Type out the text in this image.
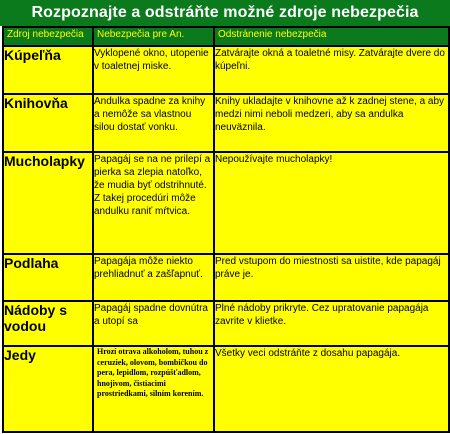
Rozpoznajte a odstráňte možné zdroje nebezpečia
Zdroj nebezpečia	Nebezpečia pre An.	Odstránenie nebezpečia
Kúpeľňa	Vyklopené okno, utopenie v toaletnej miske.	Zatvárajte okná a toaletné misy. Zatvárajte dvere do kúpeľni.
Knihovňa	Andulka spadne za knihy a nemôže sa vlastnou silou dostať vonku.	Knihy ukladajte v knihovne až k zadnej stene, a aby medzi nimi neboli medzeri, aby sa andulka neuväznila.
Mucholapky	Papagáj se na ne prilepí a pierka sa zlepia natoľko, že mudia byť odstrihnuté. Z takej procedúri môže andulku raniť mŕtvica.	Nepoužívajte mucholapky!
Podlaha	Papagája môže niekto prehliadnuť a zašľapnuť.	Pred vstupom do miestnosti sa uistite, kde papagáj práve je.
Nádoby s vodou	Papagáj spadne dovnútra a utopí sa	Plné nádoby prikryte. Cez upratovanie papagája zavrite v klietke.
Jedy	Hrozí otrava alkoholom, tuhou z ceruziek, olovom, bombičkou do pera, lepidlom, rozpúšťadlom, hnojivom, čistiacimi prostriedkami, silním korením.	Všetky veci odstráňte z dosahu papagája.
